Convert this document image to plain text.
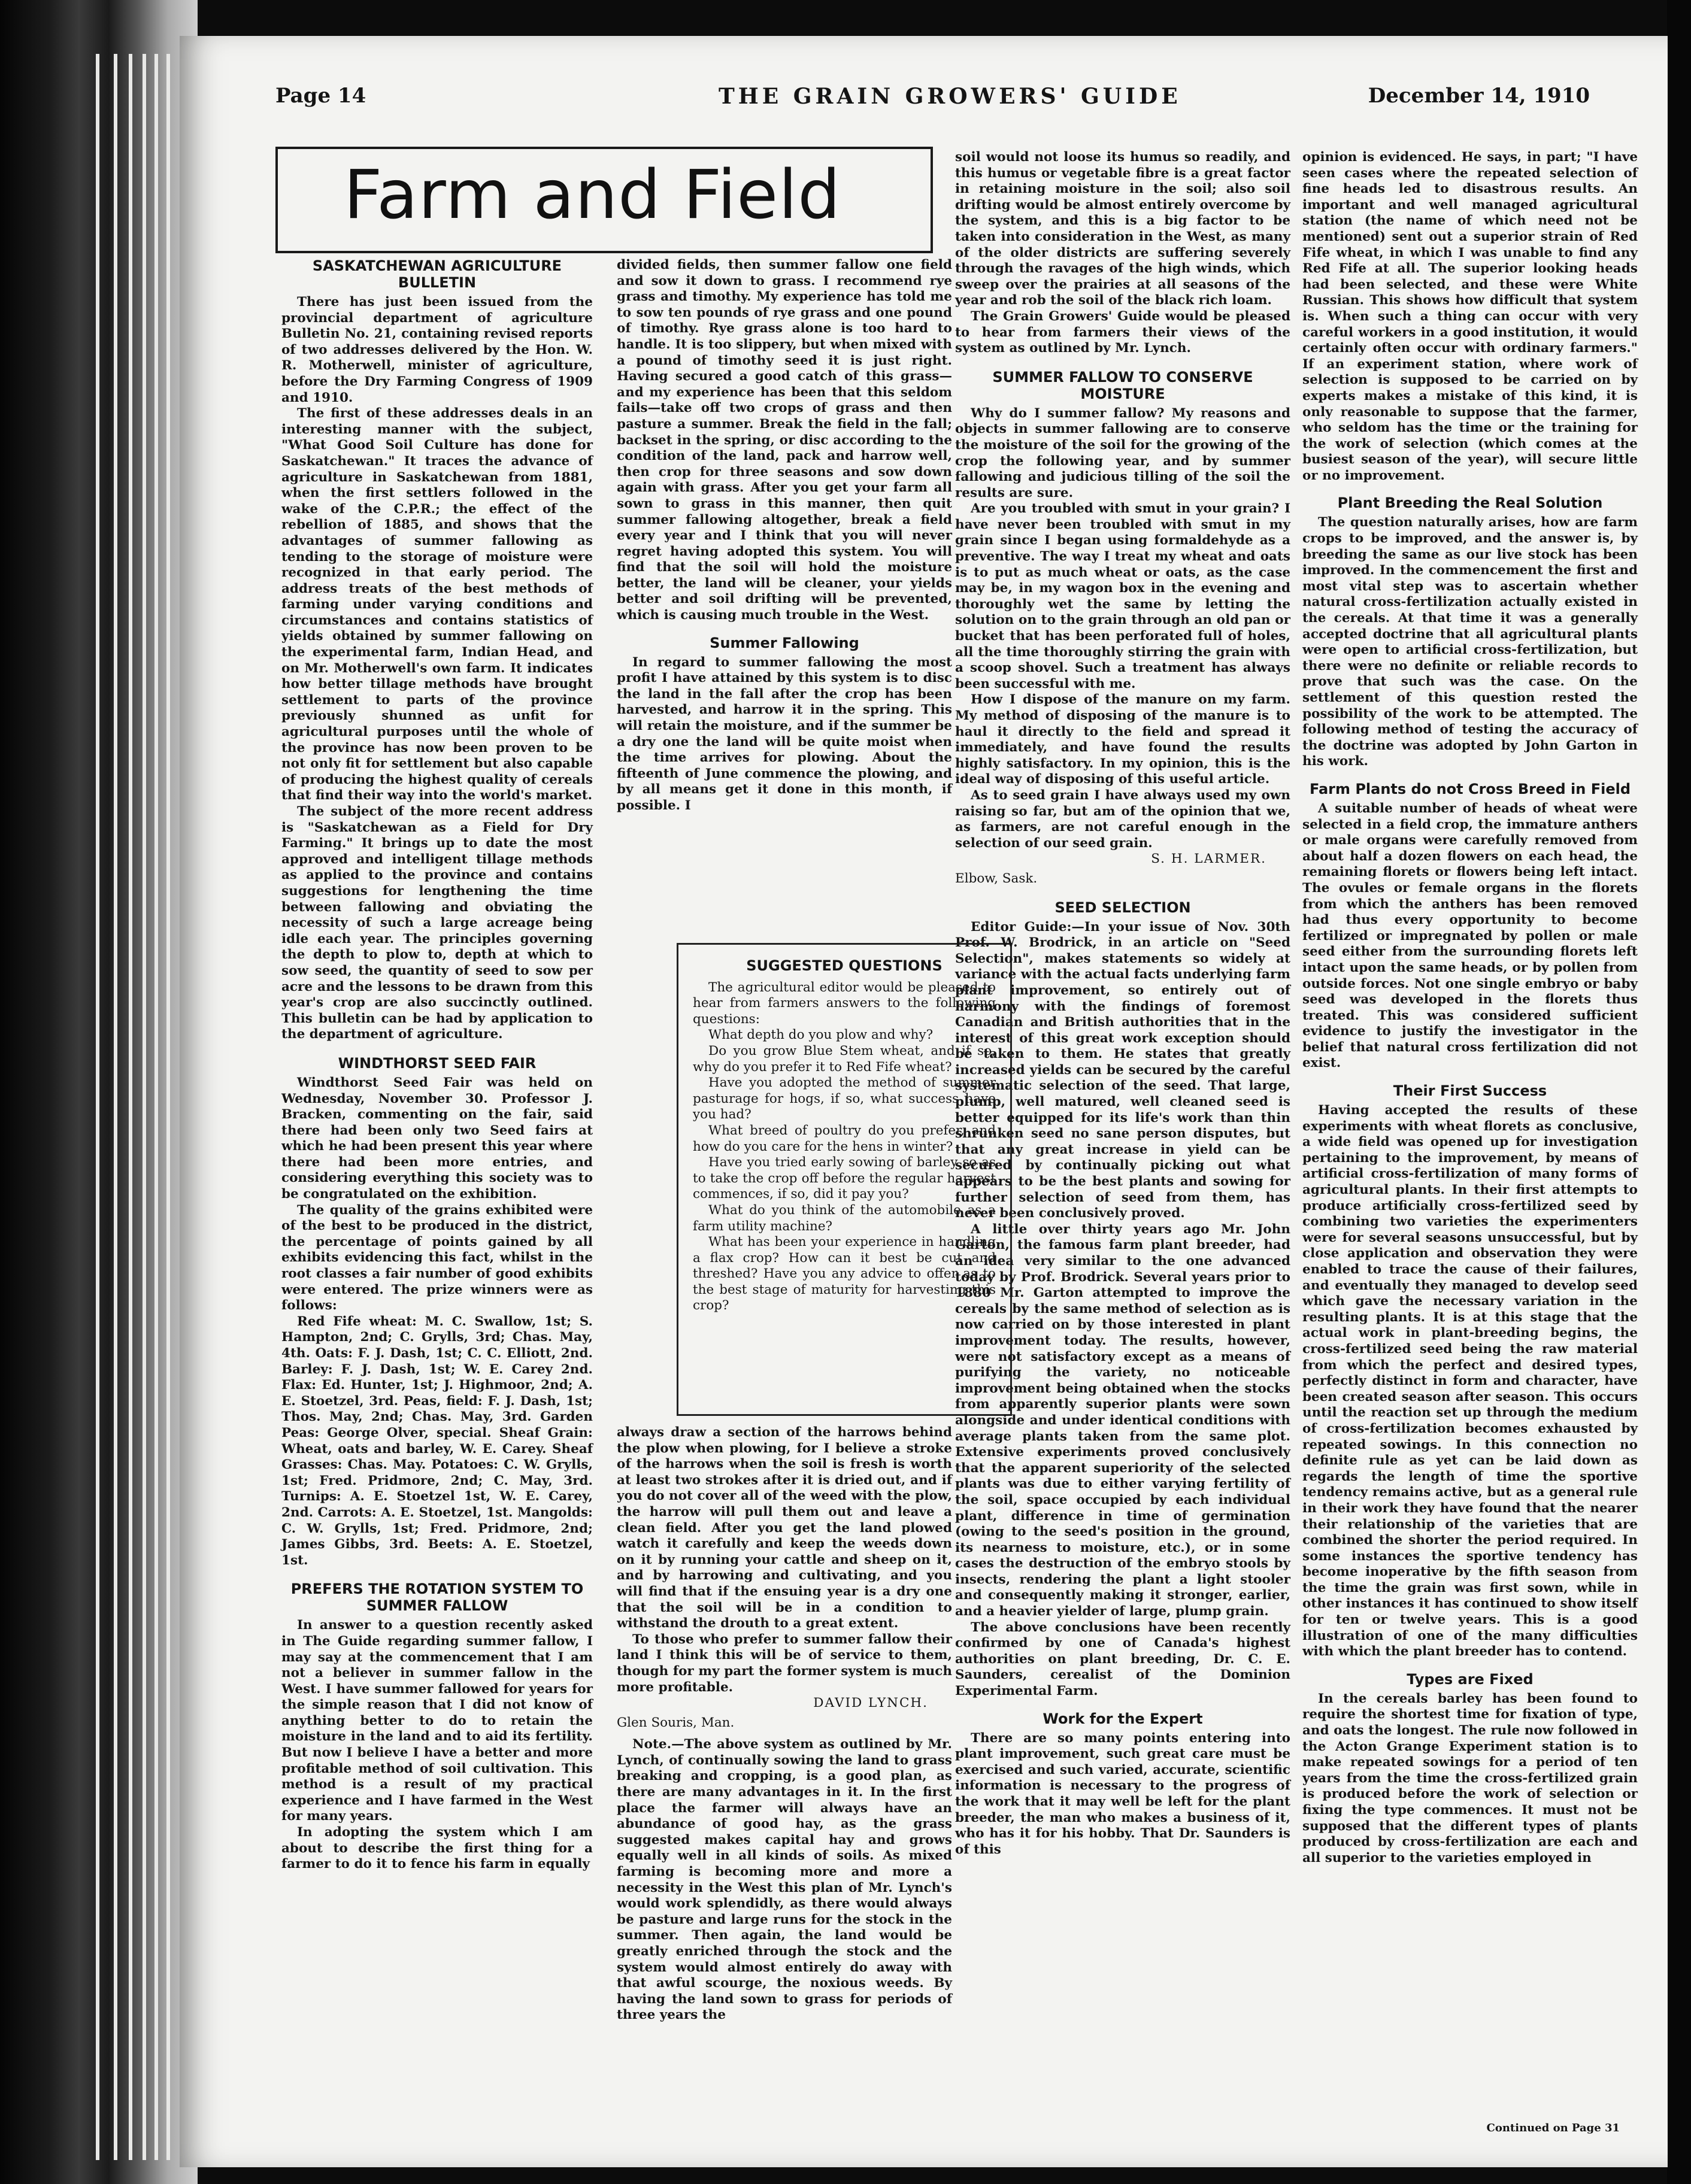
Page 14	THE GRAIN GROWERS' GUIDE	December 14, 1910
Farm and Field
SASKATCHEWAN AGRICULTURE BULLETIN

There has just been issued from the provincial department of agriculture Bulletin No. 21, containing revised reports of two addresses delivered by the Hon. W. R. Motherwell, minister of agriculture, before the Dry Farming Congress of 1909 and 1910.

The first of these addresses deals in an interesting manner with the subject, "What Good Soil Culture has done for Saskatchewan." It traces the advance of agriculture in Saskatchewan from 1881, when the first settlers followed in the wake of the C.P.R.; the effect of the rebellion of 1885, and shows that the advantages of summer fallowing as tending to the storage of moisture were recognized in that early period. The address treats of the best methods of farming under varying conditions and circumstances and contains statistics of yields obtained by summer fallowing on the experimental farm, Indian Head, and on Mr. Motherwell's own farm. It indicates how better tillage methods have brought settlement to parts of the province previously shunned as unfit for agricultural purposes until the whole of the province has now been proven to be not only fit for settlement but also capable of producing the highest quality of cereals that find their way into the world's market.

The subject of the more recent address is "Saskatchewan as a Field for Dry Farming." It brings up to date the most approved and intelligent tillage methods as applied to the province and contains suggestions for lengthening the time between fallowing and obviating the necessity of such a large acreage being idle each year. The principles governing the depth to plow to, depth at which to sow seed, the quantity of seed to sow per acre and the lessons to be drawn from this year's crop are also succinctly outlined. This bulletin can be had by application to the department of agriculture.

WINDTHORST SEED FAIR

Windthorst Seed Fair was held on Wednesday, November 30. Professor J. Bracken, commenting on the fair, said there had been only two Seed fairs at which he had been present this year where there had been more entries, and considering everything this society was to be congratulated on the exhibition.

The quality of the grains exhibited were of the best to be produced in the district, the percentage of points gained by all exhibits evidencing this fact, whilst in the root classes a fair number of good exhibits were entered. The prize winners were as follows:

Red Fife wheat: M. C. Swallow, 1st; S. Hampton, 2nd; C. Grylls, 3rd; Chas. May, 4th. Oats: F. J. Dash, 1st; C. C. Elliott, 2nd. Barley: F. J. Dash, 1st; W. E. Carey 2nd. Flax: Ed. Hunter, 1st; J. Highmoor, 2nd; A. E. Stoetzel, 3rd. Peas, field: F. J. Dash, 1st; Thos. May, 2nd; Chas. May, 3rd. Garden Peas: George Olver, special. Sheaf Grain: Wheat, oats and barley, W. E. Carey. Sheaf Grasses: Chas. May. Potatoes: C. W. Grylls, 1st; Fred. Pridmore, 2nd; C. May, 3rd. Turnips: A. E. Stoetzel 1st, W. E. Carey, 2nd. Carrots: A. E. Stoetzel, 1st. Mangolds: C. W. Grylls, 1st; Fred. Pridmore, 2nd; James Gibbs, 3rd. Beets: A. E. Stoetzel, 1st.

PREFERS THE ROTATION SYSTEM TO SUMMER FALLOW

In answer to a question recently asked in The Guide regarding summer fallow, I may say at the commencement that I am not a believer in summer fallow in the West. I have summer fallowed for years for the simple reason that I did not know of anything better to do to retain the moisture in the land and to aid its fertility. But now I believe I have a better and more profitable method of soil cultivation. This method is a result of my practical experience and I have farmed in the West for many years.

In adopting the system which I am about to describe the first thing for a farmer to do it to fence his farm in equally

divided fields, then summer fallow one field and sow it down to grass. I recommend rye grass and timothy. My experience has told me to sow ten pounds of rye grass and one pound of timothy. Rye grass alone is too hard to handle. It is too slippery, but when mixed with a pound of timothy seed it is just right. Having secured a good catch of this grass—and my experience has been that this seldom fails—take off two crops of grass and then pasture a summer. Break the field in the fall; backset in the spring, or disc according to the condition of the land, pack and harrow well, then crop for three seasons and sow down again with grass. After you get your farm all sown to grass in this manner, then quit summer fallowing altogether, break a field every year and I think that you will never regret having adopted this system. You will find that the soil will hold the moisture better, the land will be cleaner, your yields better and soil drifting will be prevented, which is causing much trouble in the West.

Summer Fallowing

In regard to summer fallowing the most profit I have attained by this system is to disc the land in the fall after the crop has been harvested, and harrow it in the spring. This will retain the moisture, and if the summer be a dry one the land will be quite moist when the time arrives for plowing. About the fifteenth of June commence the plowing, and by all means get it done in this month, if possible. I

SUGGESTED QUESTIONS

The agricultural editor would be pleased to hear from farmers answers to the following questions:

What depth do you plow and why?

Do you grow Blue Stem wheat, and if so, why do you prefer it to Red Fife wheat?

Have you adopted the method of summer pasturage for hogs, if so, what success have you had?

What breed of poultry do you prefer, and how do you care for the hens in winter?

Have you tried early sowing of barley so as to take the crop off before the regular harvest commences, if so, did it pay you?

What do you think of the automobile as a farm utility machine?

What has been your experience in handling a flax crop? How can it best be cut and threshed? Have you any advice to offer as to the best stage of maturity for harvesting this crop?

always draw a section of the harrows behind the plow when plowing, for I believe a stroke of the harrows when the soil is fresh is worth at least two strokes after it is dried out, and if you do not cover all of the weed with the plow, the harrow will pull them out and leave a clean field. After you get the land plowed watch it carefully and keep the weeds down on it by running your cattle and sheep on it, and by harrowing and cultivating, and you will find that if the ensuing year is a dry one that the soil will be in a condition to withstand the drouth to a great extent.

To those who prefer to summer fallow their land I think this will be of service to them, though for my part the former system is much more profitable.

DAVID LYNCH.

Glen Souris, Man.

Note.—The above system as outlined by Mr. Lynch, of continually sowing the land to grass breaking and cropping, is a good plan, as there are many advantages in it. In the first place the farmer will always have an abundance of good hay, as the grass suggested makes capital hay and grows equally well in all kinds of soils. As mixed farming is becoming more and more a necessity in the West this plan of Mr. Lynch's would work splendidly, as there would always be pasture and large runs for the stock in the summer. Then again, the land would be greatly enriched through the stock and the system would almost entirely do away with that awful scourge, the noxious weeds. By having the land sown to grass for periods of three years the

soil would not loose its humus so readily, and this humus or vegetable fibre is a great factor in retaining moisture in the soil; also soil drifting would be almost entirely overcome by the system, and this is a big factor to be taken into consideration in the West, as many of the older districts are suffering severely through the ravages of the high winds, which sweep over the prairies at all seasons of the year and rob the soil of the black rich loam.

The Grain Growers' Guide would be pleased to hear from farmers their views of the system as outlined by Mr. Lynch.

SUMMER FALLOW TO CONSERVE MOISTURE

Why do I summer fallow? My reasons and objects in summer fallowing are to conserve the moisture of the soil for the growing of the crop the following year, and by summer fallowing and judicious tilling of the soil the results are sure.

Are you troubled with smut in your grain? I have never been troubled with smut in my grain since I began using formaldehyde as a preventive. The way I treat my wheat and oats is to put as much wheat or oats, as the case may be, in my wagon box in the evening and thoroughly wet the same by letting the solution on to the grain through an old pan or bucket that has been perforated full of holes, all the time thoroughly stirring the grain with a scoop shovel. Such a treatment has always been successful with me.

How I dispose of the manure on my farm. My method of disposing of the manure is to haul it directly to the field and spread it immediately, and have found the results highly satisfactory. In my opinion, this is the ideal way of disposing of this useful article.

As to seed grain I have always used my own raising so far, but am of the opinion that we, as farmers, are not careful enough in the selection of our seed grain.

S. H. LARMER.

Elbow, Sask.

SEED SELECTION

Editor Guide:—In your issue of Nov. 30th Prof. W. Brodrick, in an article on "Seed Selection", makes statements so widely at variance with the actual facts underlying farm plant improvement, so entirely out of harmony with the findings of foremost Canadian and British authorities that in the interest of this great work exception should be taken to them. He states that greatly increased yields can be secured by the careful systematic selection of the seed. That large, plump, well matured, well cleaned seed is better equipped for its life's work than thin shrunken seed no sane person disputes, but that any great increase in yield can be secured by continually picking out what appears to be the best plants and sowing for further selection of seed from them, has never been conclusively proved.

A little over thirty years ago Mr. John Garton, the famous farm plant breeder, had an idea very similar to the one advanced today by Prof. Brodrick. Several years prior to 1880 Mr. Garton attempted to improve the cereals by the same method of selection as is now carried on by those interested in plant improvement today. The results, however, were not satisfactory except as a means of purifying the variety, no noticeable improvement being obtained when the stocks from apparently superior plants were sown alongside and under identical conditions with average plants taken from the same plot. Extensive experiments proved conclusively that the apparent superiority of the selected plants was due to either varying fertility of the soil, space occupied by each individual plant, difference in time of germination (owing to the seed's position in the ground, its nearness to moisture, etc.), or in some cases the destruction of the embryo stools by insects, rendering the plant a light stooler and consequently making it stronger, earlier, and a heavier yielder of large, plump grain.

The above conclusions have been recently confirmed by one of Canada's highest authorities on plant breeding, Dr. C. E. Saunders, cerealist of the Dominion Experimental Farm.

Work for the Expert

There are so many points entering into plant improvement, such great care must be exercised and such varied, accurate, scientific information is necessary to the progress of the work that it may well be left for the plant breeder, the man who makes a business of it, who has it for his hobby. That Dr. Saunders is of this

opinion is evidenced. He says, in part; "I have seen cases where the repeated selection of fine heads led to disastrous results. An important and well managed agricultural station (the name of which need not be mentioned) sent out a superior strain of Red Fife wheat, in which I was unable to find any Red Fife at all. The superior looking heads had been selected, and these were White Russian. This shows how difficult that system is. When such a thing can occur with very careful workers in a good institution, it would certainly often occur with ordinary farmers." If an experiment station, where work of selection is supposed to be carried on by experts makes a mistake of this kind, it is only reasonable to suppose that the farmer, who seldom has the time or the training for the work of selection (which comes at the busiest season of the year), will secure little or no improvement.

Plant Breeding the Real Solution

The question naturally arises, how are farm crops to be improved, and the answer is, by breeding the same as our live stock has been improved. In the commencement the first and most vital step was to ascertain whether natural cross-fertilization actually existed in the cereals. At that time it was a generally accepted doctrine that all agricultural plants were open to artificial cross-fertilization, but there were no definite or reliable records to prove that such was the case. On the settlement of this question rested the possibility of the work to be attempted. The following method of testing the accuracy of the doctrine was adopted by John Garton in his work.

Farm Plants do not Cross Breed in Field

A suitable number of heads of wheat were selected in a field crop, the immature anthers or male organs were carefully removed from about half a dozen flowers on each head, the remaining florets or flowers being left intact. The ovules or female organs in the florets from which the anthers has been removed had thus every opportunity to become fertilized or impregnated by pollen or male seed either from the surrounding florets left intact upon the same heads, or by pollen from outside forces. Not one single embryo or baby seed was developed in the florets thus treated. This was considered sufficient evidence to justify the investigator in the belief that natural cross fertilization did not exist.

Their First Success

Having accepted the results of these experiments with wheat florets as conclusive, a wide field was opened up for investigation pertaining to the improvement, by means of artificial cross-fertilization of many forms of agricultural plants. In their first attempts to produce artificially cross-fertilized seed by combining two varieties the experimenters were for several seasons unsuccessful, but by close application and observation they were enabled to trace the cause of their failures, and eventually they managed to develop seed which gave the necessary variation in the resulting plants. It is at this stage that the actual work in plant-breeding begins, the cross-fertilized seed being the raw material from which the perfect and desired types, perfectly distinct in form and character, have been created season after season. This occurs until the reaction set up through the medium of cross-fertilization becomes exhausted by repeated sowings. In this connection no definite rule as yet can be laid down as regards the length of time the sportive tendency remains active, but as a general rule in their work they have found that the nearer their relationship of the varieties that are combined the shorter the period required. In some instances the sportive tendency has become inoperative by the fifth season from the time the grain was first sown, while in other instances it has continued to show itself for ten or twelve years. This is a good illustration of one of the many difficulties with which the plant breeder has to contend.

Types are Fixed

In the cereals barley has been found to require the shortest time for fixation of type, and oats the longest. The rule now followed in the Acton Grange Experiment station is to make repeated sowings for a period of ten years from the time the cross-fertilized grain is produced before the work of selection or fixing the type commences. It must not be supposed that the different types of plants produced by cross-fertilization are each and all superior to the varieties employed in

Continued on Page 31
